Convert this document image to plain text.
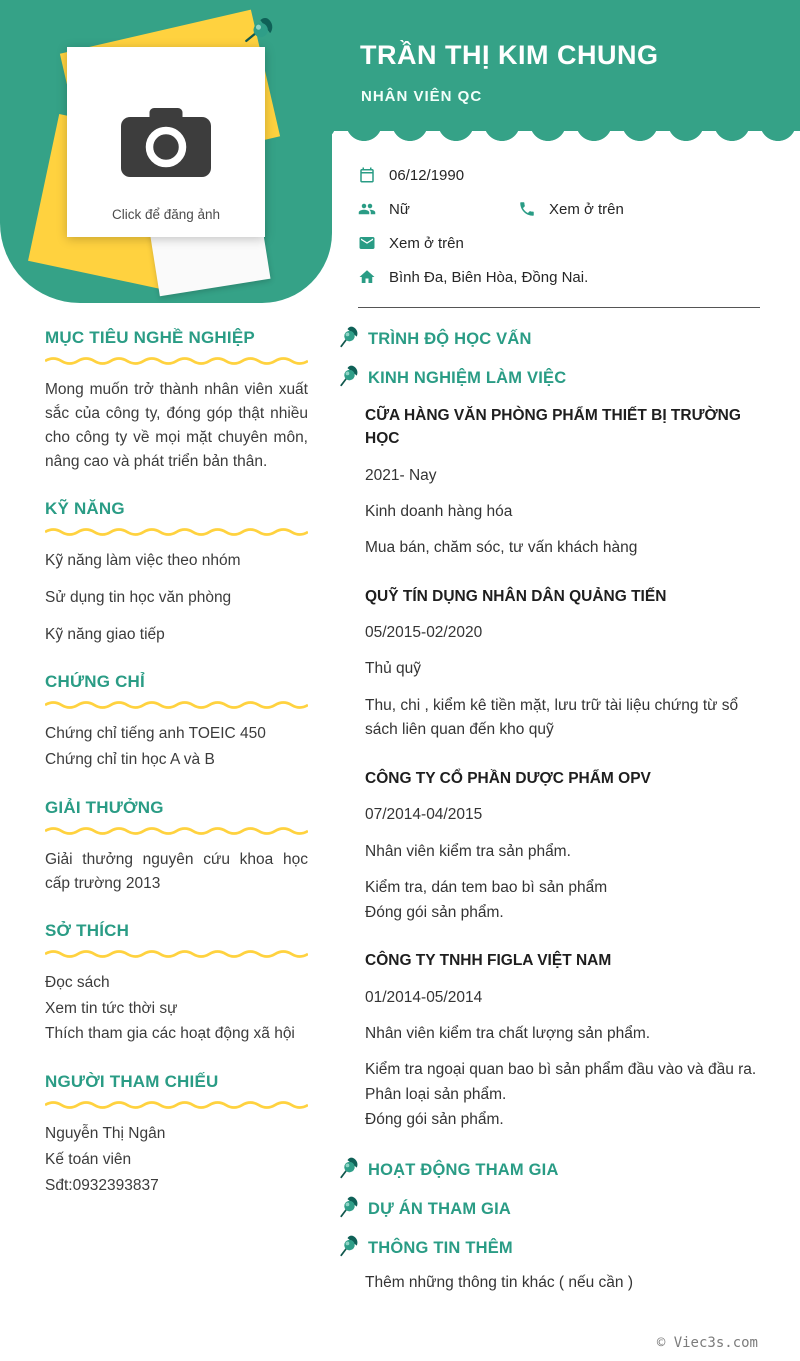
Click để đăng ảnh
TRẦN THỊ KIM CHUNG
NHÂN VIÊN QC
06/12/1990
Nữ	Xem ở trên
Xem ở trên
Bình Đa, Biên Hòa, Đồng Nai.
MỤC TIÊU NGHỀ NGHIỆP
Mong muốn trở thành nhân viên xuất sắc của công ty, đóng góp thật nhiều cho công ty về mọi mặt chuyên môn, nâng cao và phát triển bản thân.
KỸ NĂNG
Kỹ năng làm việc theo nhóm
Sử dụng tin học văn phòng
Kỹ năng giao tiếp
CHỨNG CHỈ
Chứng chỉ tiếng anh TOEIC 450
Chứng chỉ tin học A và B
GIẢI THƯỞNG
Giải thưởng nguyên cứu khoa học cấp trường 2013
SỞ THÍCH
Đọc sách
Xem tin tức thời sự
Thích tham gia các hoạt động xã hội
NGƯỜI THAM CHIẾU
Nguyễn Thị Ngân
Kế toán viên
Sđt:0932393837
TRÌNH ĐỘ HỌC VẤN
KINH NGHIỆM LÀM VIỆC
CỮA HÀNG VĂN PHÒNG PHẨM THIẾT BỊ TRƯỜNG HỌC
2021- Nay
Kinh doanh hàng hóa
Mua bán, chăm sóc, tư vấn khách hàng
QUỸ TÍN DỤNG NHÂN DÂN QUẢNG TIẾN
05/2015-02/2020
Thủ quỹ
Thu, chi , kiểm kê tiền mặt, lưu trữ tài liệu chứng từ sổ sách liên quan đến kho quỹ
CÔNG TY CỔ PHẦN DƯỢC PHẨM OPV
07/2014-04/2015
Nhân viên kiểm tra sản phẩm.
Kiểm tra, dán tem bao bì sản phẩm
Đóng gói sản phẩm.
CÔNG TY TNHH FIGLA VIỆT NAM
01/2014-05/2014
Nhân viên kiểm tra chất lượng sản phẩm.
Kiểm tra ngoại quan bao bì sản phẩm đầu vào và đầu ra.
Phân loại sản phẩm.
Đóng gói sản phẩm.
HOẠT ĐỘNG THAM GIA
DỰ ÁN THAM GIA
THÔNG TIN THÊM
Thêm những thông tin khác ( nếu cần )
© Viec3s.com
